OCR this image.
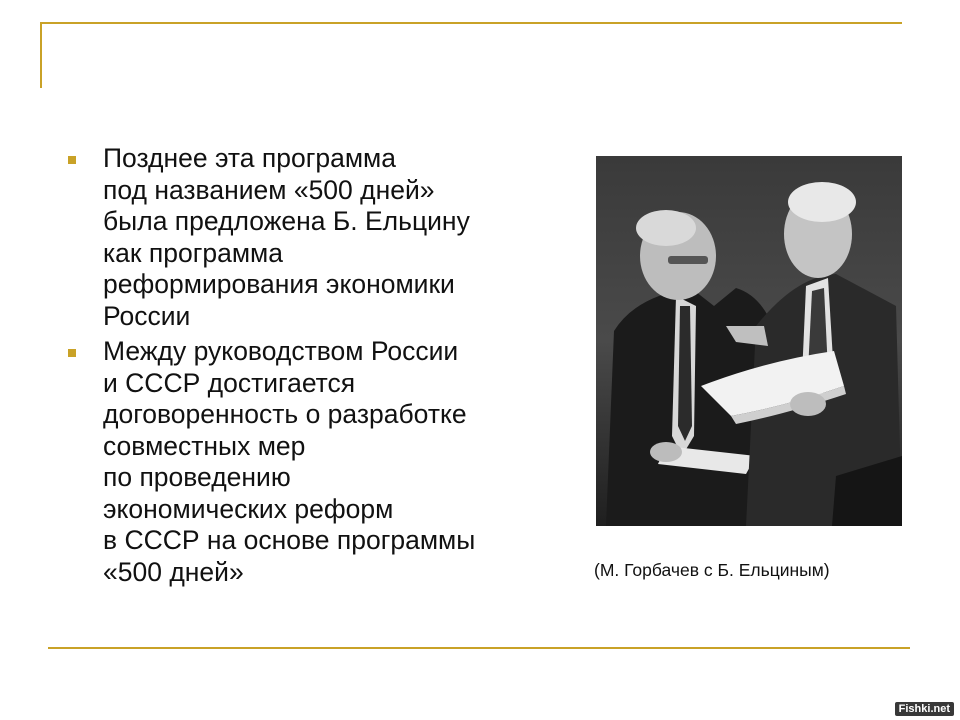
Позднее эта программа
под названием «500 дней»
была предложена Б. Ельцину
как программа
реформирования экономики
России
Между руководством России
и СССР достигается
договоренность о разработке
совместных мер
по проведению
экономических реформ
в СССР на основе программы
«500 дней»	(М. Горбачев с Б. Ельциным)
Fishki.net
